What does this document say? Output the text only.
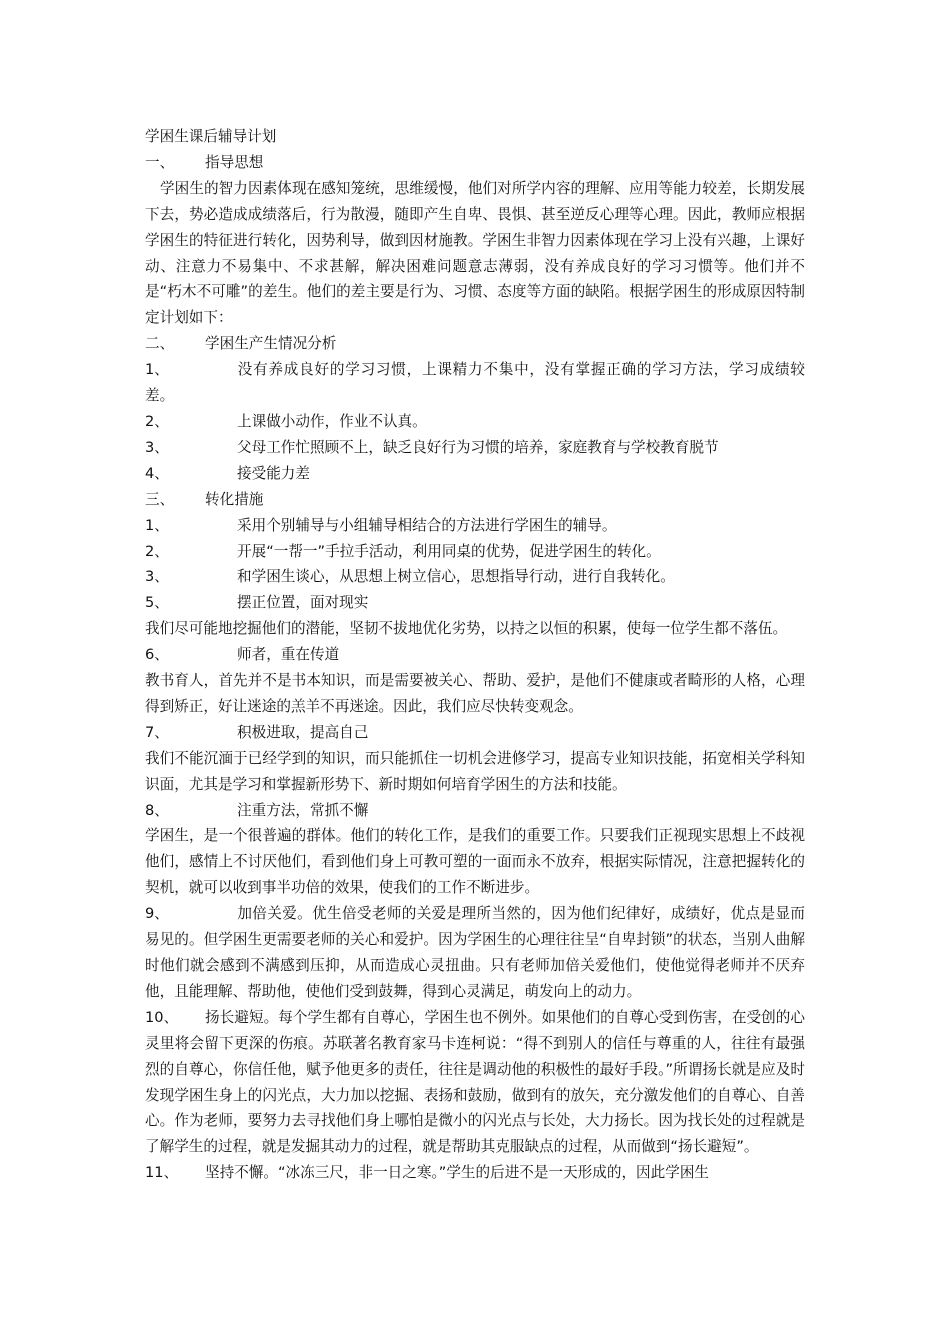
学困生课后辅导计划

一、 指导思想

学困生的智力因素体现在感知笼统，思维缓慢，他们对所学内容的理解、应用等能力较差，长期发展下去，势必造成成绩落后，行为散漫，随即产生自卑、畏惧、甚至逆反心理等心理。因此，教师应根据学困生的特征进行转化，因势利导，做到因材施教。学困生非智力因素体现在学习上没有兴趣，上课好动、注意力不易集中、不求甚解，解决困难问题意志薄弱，没有养成良好的学习习惯等。他们并不是“朽木不可雕”的差生。他们的差主要是行为、习惯、态度等方面的缺陷。根据学困生的形成原因特制定计划如下：

二、 学困生产生情况分析

1、	没有养成良好的学习习惯，上课精力不集中，没有掌握正确的学习方法，学习成绩较差。

2、	上课做小动作，作业不认真。

3、	父母工作忙照顾不上，缺乏良好行为习惯的培养，家庭教育与学校教育脱节

4、	接受能力差

三、 转化措施

1、	采用个别辅导与小组辅导相结合的方法进行学困生的辅导。

2、	开展“一帮一”手拉手活动，利用同桌的优势，促进学困生的转化。

3、	和学困生谈心，从思想上树立信心，思想指导行动，进行自我转化。

5、	摆正位置，面对现实

我们尽可能地挖掘他们的潜能，坚韧不拔地优化劣势，以持之以恒的积累，使每一位学生都不落伍。

6、	师者，重在传道

教书育人，首先并不是书本知识，而是需要被关心、帮助、爱护，是他们不健康或者畸形的人格，心理得到矫正，好让迷途的羔羊不再迷途。因此，我们应尽快转变观念。

7、	积极进取，提高自己

我们不能沉湎于已经学到的知识，而只能抓住一切机会进修学习，提高专业知识技能，拓宽相关学科知识面，尤其是学习和掌握新形势下、新时期如何培育学困生的方法和技能。

8、	注重方法，常抓不懈

学困生，是一个很普遍的群体。他们的转化工作，是我们的重要工作。只要我们正视现实思想上不歧视他们，感情上不讨厌他们，看到他们身上可教可塑的一面而永不放弃，根据实际情况，注意把握转化的契机，就可以收到事半功倍的效果，使我们的工作不断进步。

9、	加倍关爱。优生倍受老师的关爱是理所当然的，因为他们纪律好，成绩好，优点是显而易见的。但学困生更需要老师的关心和爱护。因为学困生的心理往往呈“自卑封锁”的状态，当别人曲解时他们就会感到不满感到压抑，从而造成心灵扭曲。只有老师加倍关爱他们，使他觉得老师并不厌弃他，且能理解、帮助他，使他们受到鼓舞，得到心灵满足，萌发向上的动力。

10、 扬长避短。每个学生都有自尊心，学困生也不例外。如果他们的自尊心受到伤害，在受创的心灵里将会留下更深的伤痕。苏联著名教育家马卡连柯说：“得不到别人的信任与尊重的人，往往有最强烈的自尊心，你信任他，赋予他更多的责任，往往是调动他的积极性的最好手段。”所谓扬长就是应及时发现学困生身上的闪光点，大力加以挖掘、表扬和鼓励，做到有的放矢，充分激发他们的自尊心、自善心。作为老师，要努力去寻找他们身上哪怕是微小的闪光点与长处，大力扬长。因为找长处的过程就是了解学生的过程，就是发掘其动力的过程，就是帮助其克服缺点的过程，从而做到“扬长避短”。

11、 坚持不懈。“冰冻三尺，非一日之寒。”学生的后进不是一天形成的，因此学困生
